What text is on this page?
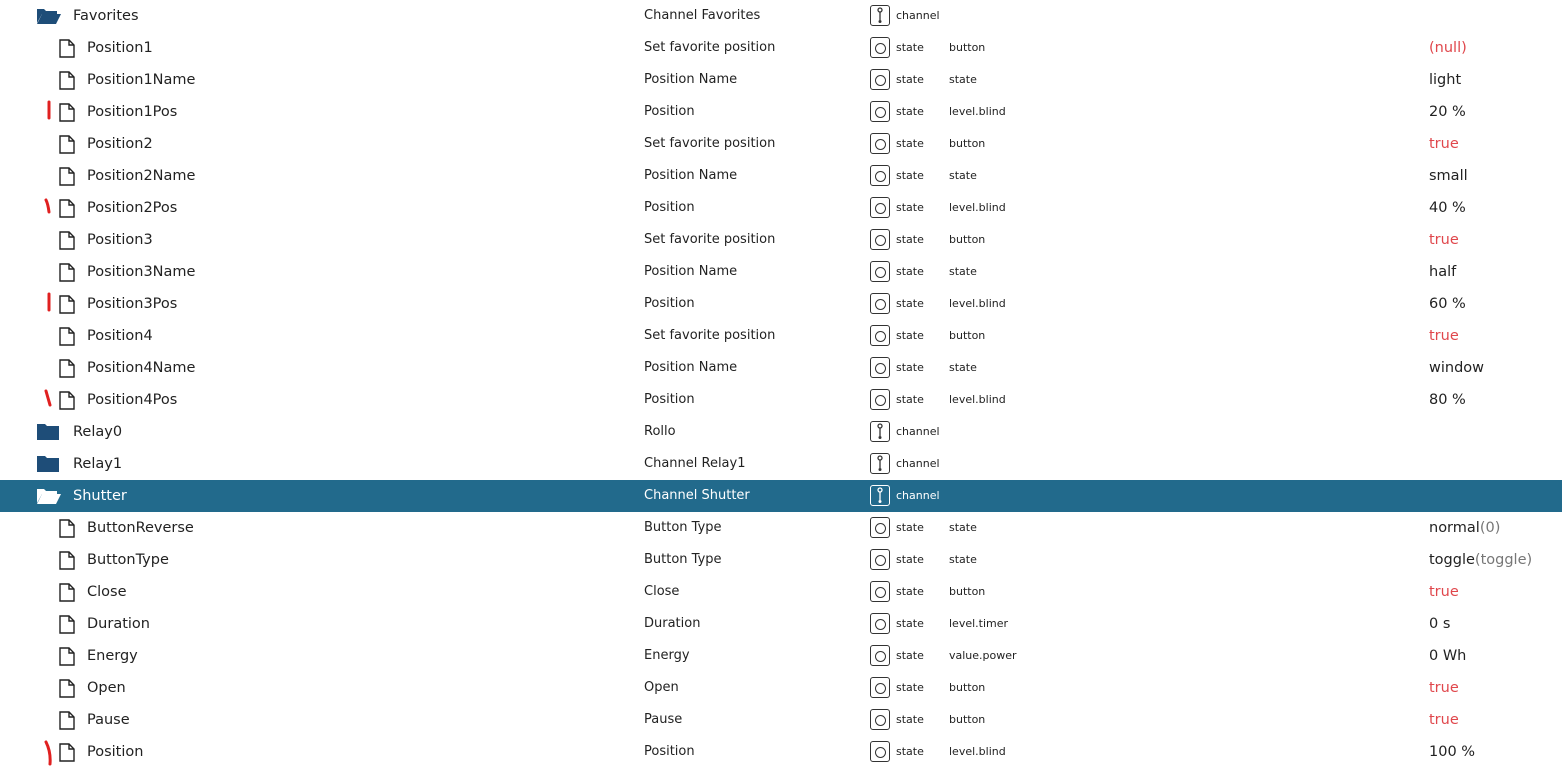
Favorites	Channel Favorites	channel
Position1	Set favorite position	state button	(null)
Position1Name	Position Name	state state	light
Position1Pos	Position	state level.blind	20 %
Position2	Set favorite position	state button	true
Position2Name	Position Name	state state	small
Position2Pos	Position	state level.blind	40 %
Position3	Set favorite position	state button	true
Position3Name	Position Name	state state	half
Position3Pos	Position	state level.blind	60 %
Position4	Set favorite position	state button	true
Position4Name	Position Name	state state	window
Position4Pos	Position	state level.blind	80 %
Relay0	Rollo	channel
Relay1	Channel Relay1	channel
Shutter	Channel Shutter	channel
ButtonReverse	Button Type	state state	normal(0)
ButtonType	Button Type	state state	toggle(toggle)
Close	Close	state button	true
Duration	Duration	state level.timer	0 s
Energy	Energy	state value.power	0 Wh
Open	Open	state button	true
Pause	Pause	state button	true
Position	Position	state level.blind	100 %
